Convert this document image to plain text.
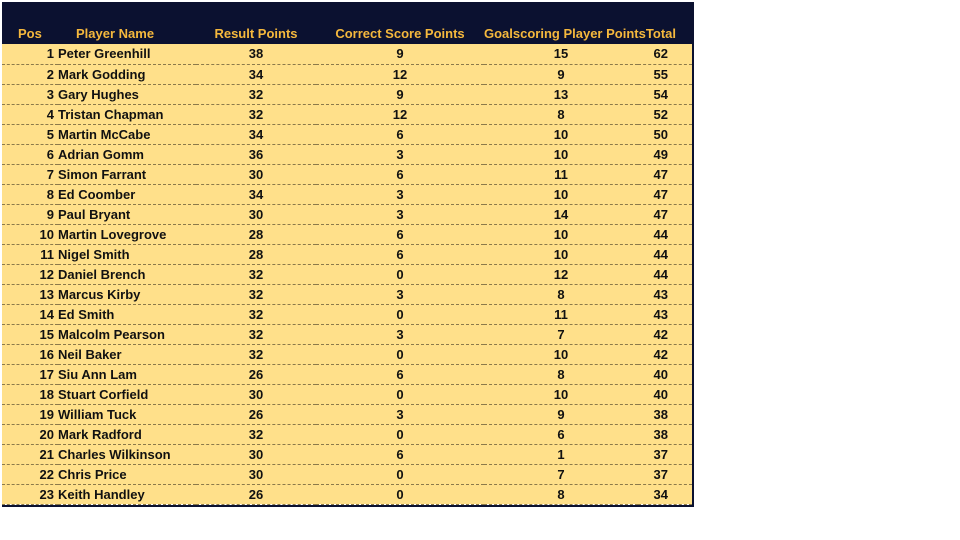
Pos	Player Name	Result Points	Correct Score Points	Goalscoring Player Points	Total
1	Peter Greenhill	38	9	15	62
2	Mark Godding	34	12	9	55
3	Gary Hughes	32	9	13	54
4	Tristan Chapman	32	12	8	52
5	Martin McCabe	34	6	10	50
6	Adrian Gomm	36	3	10	49
7	Simon Farrant	30	6	11	47
8	Ed Coomber	34	3	10	47
9	Paul Bryant	30	3	14	47
10	Martin Lovegrove	28	6	10	44
11	Nigel Smith	28	6	10	44
12	Daniel Brench	32	0	12	44
13	Marcus Kirby	32	3	8	43
14	Ed Smith	32	0	11	43
15	Malcolm Pearson	32	3	7	42
16	Neil Baker	32	0	10	42
17	Siu Ann Lam	26	6	8	40
18	Stuart Corfield	30	0	10	40
19	William Tuck	26	3	9	38
20	Mark Radford	32	0	6	38
21	Charles Wilkinson	30	6	1	37
22	Chris Price	30	0	7	37
23	Keith Handley	26	0	8	34
